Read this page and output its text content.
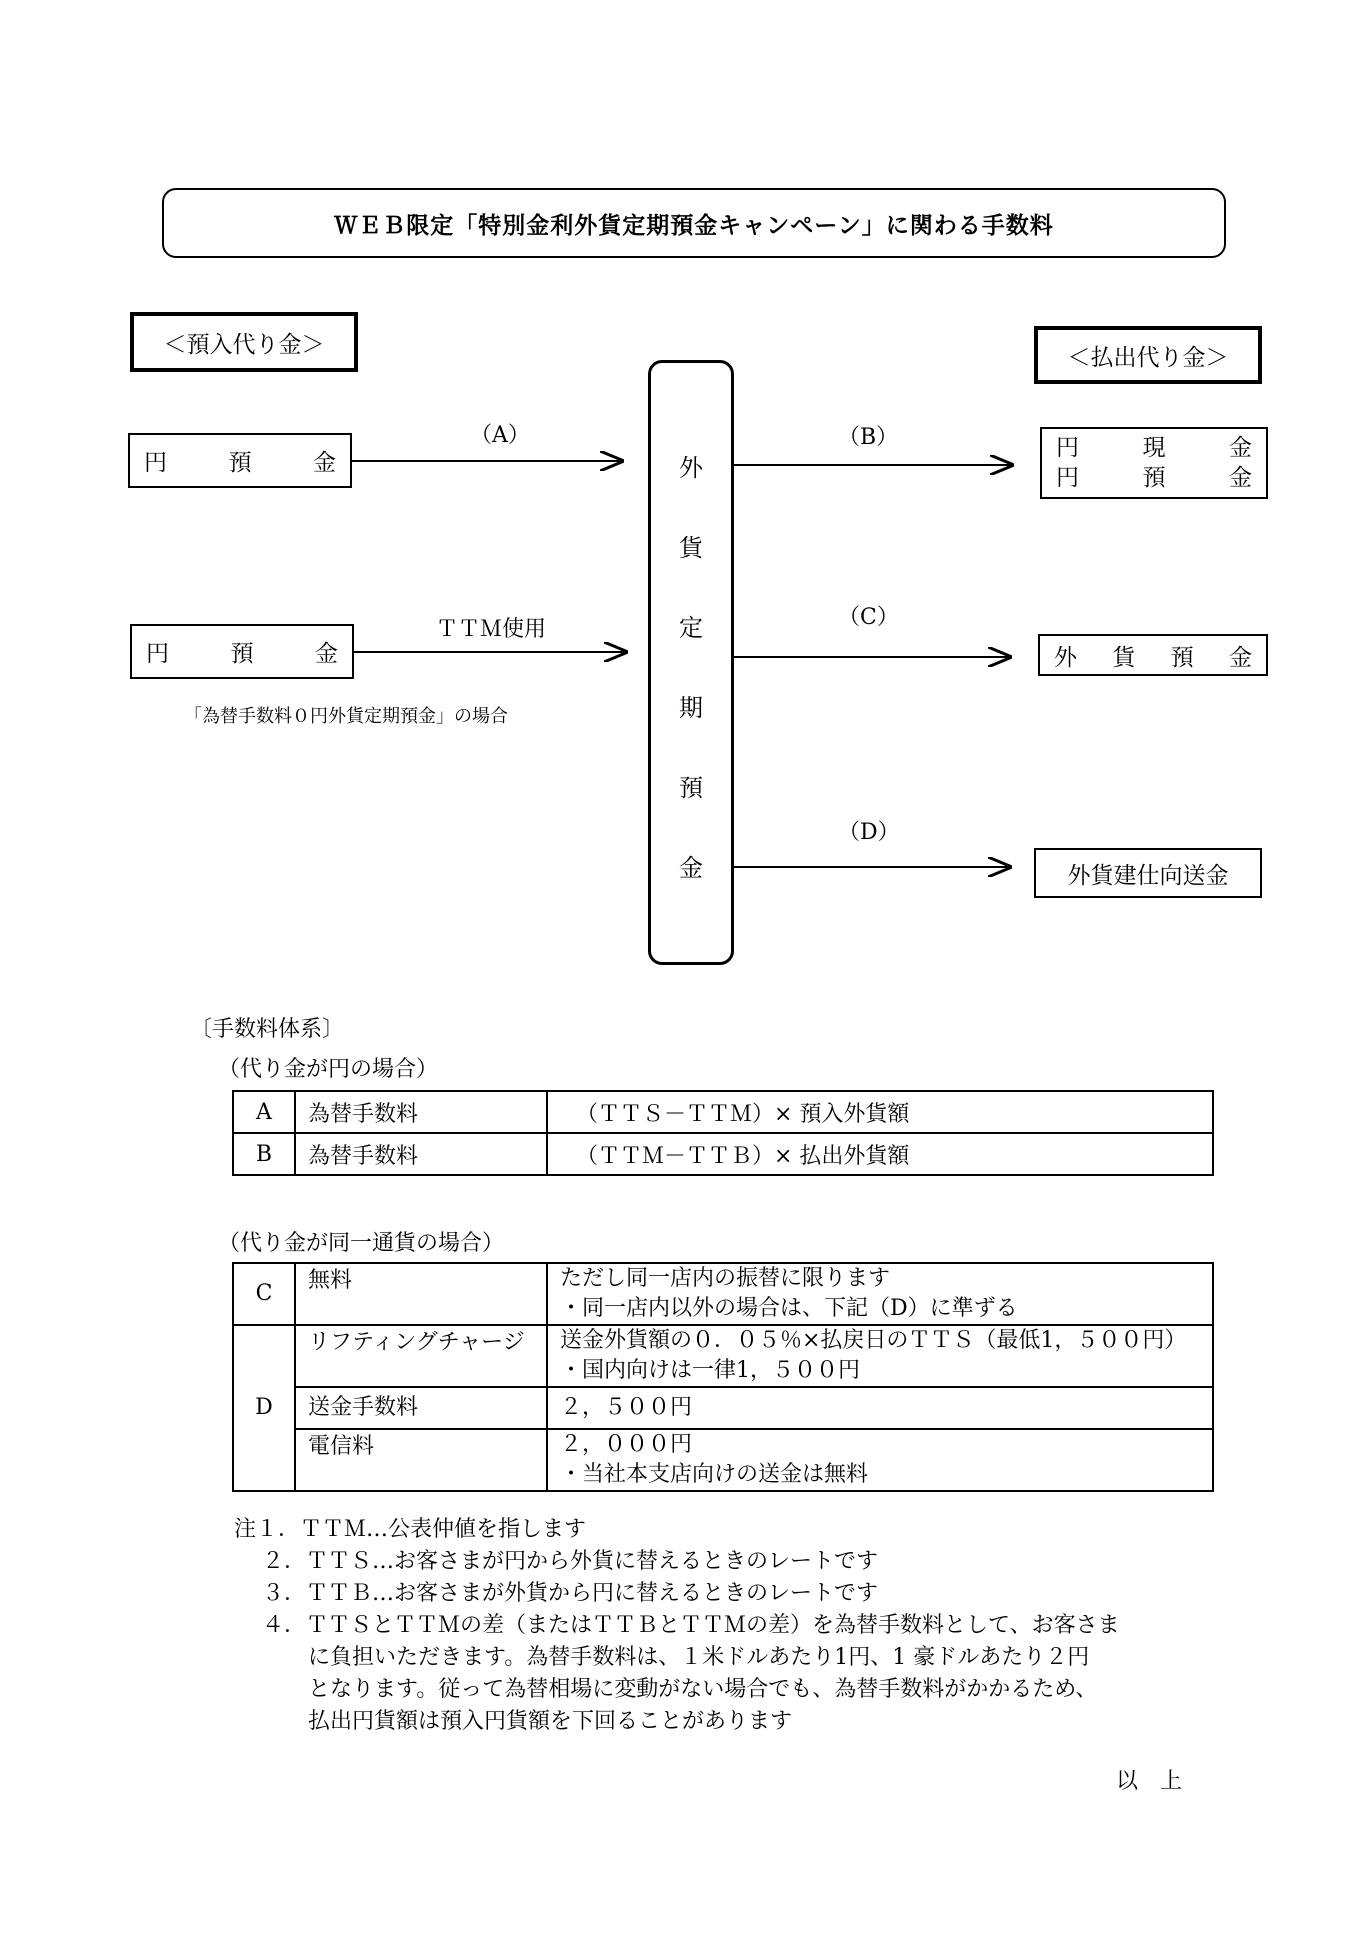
ＷＥＢ限定「特別金利外貨定期預金キャンペーン」に関わる手数料
＜預入代り金＞	＜払出代り金＞
円	預	金
円	預	金
（A）
ＴＴＭ使用
「為替手数料０円外貨定期預金」の場合
外
貨
定
期
預
金
（B）
（C）
（D）
円	現	金
円	預	金
外 貨 預 金
外貨建仕向送金
〔手数料体系〕
（代り金が円の場合）
A	為替手数料	（ＴＴＳ－ＴＴＭ）× 預入外貨額
B	為替手数料	（ＴＴＭ－ＴＴＢ）× 払出外貨額
（代り金が同一通貨の場合）
C	無料	ただし同一店内の振替に限ります
・同一店内以外の場合は、下記（D）に準ずる

D	リフティングチャージ	送金外貨額の０．０５％×払戻日のＴＴＳ（最低1，５００円）
・国内向けは一律1，５００円

	送金手数料	２，５００円
	電信料	２，０００円
・当社本支店向けの送金は無料
注１．ＴＴＭ…公表仲値を指します
２．ＴＴＳ…お客さまが円から外貨に替えるときのレートです
３．ＴＴＢ…お客さまが外貨から円に替えるときのレートです
４．ＴＴＳとＴＴＭの差（またはＴＴＢとＴＴＭの差）を為替手数料として、お客さま
に負担いただきます。為替手数料は、１米ドルあたり1円、1 豪ドルあたり２円
となります。従って為替相場に変動がない場合でも、為替手数料がかかるため、
払出円貨額は預入円貨額を下回ることがあります
以　上
